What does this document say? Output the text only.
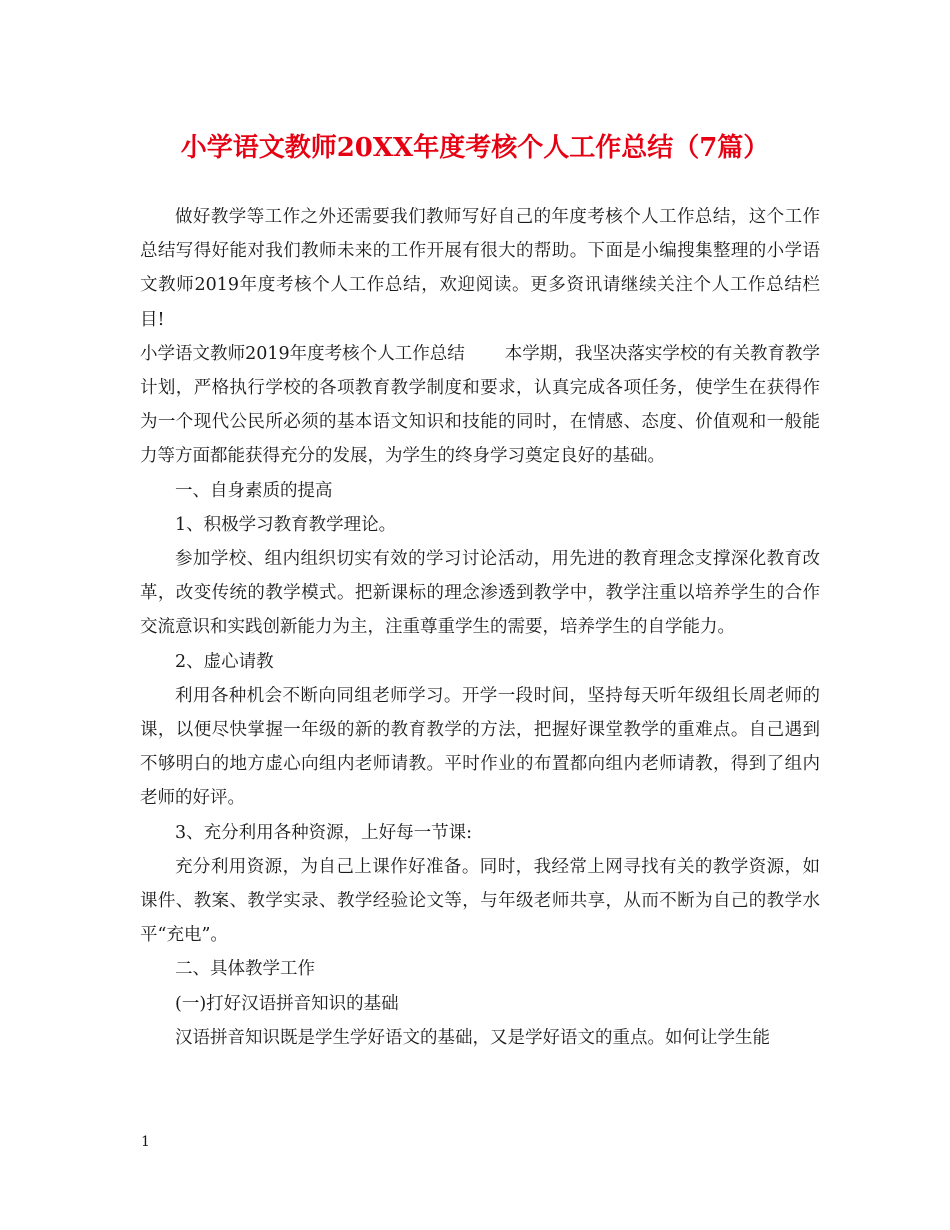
小学语文教师20XX年度考核个人工作总结（7篇）

做好教学等工作之外还需要我们教师写好自己的年度考核个人工作总结，这个工作总结写得好能对我们教师未来的工作开展有很大的帮助。下面是小编搜集整理的小学语文教师2019年度考核个人工作总结，欢迎阅读。更多资讯请继续关注个人工作总结栏目!

小学语文教师2019年度考核个人工作总结 本学期，我坚决落实学校的有关教育教学计划，严格执行学校的各项教育教学制度和要求，认真完成各项任务，使学生在获得作为一个现代公民所必须的基本语文知识和技能的同时，在情感、态度、价值观和一般能力等方面都能获得充分的发展，为学生的终身学习奠定良好的基础。

一、自身素质的提高

1、积极学习教育教学理论。

参加学校、组内组织切实有效的学习讨论活动，用先进的教育理念支撑深化教育改革，改变传统的教学模式。把新课标的理念渗透到教学中，教学注重以培养学生的合作交流意识和实践创新能力为主，注重尊重学生的需要，培养学生的自学能力。

2、虚心请教

利用各种机会不断向同组老师学习。开学一段时间，坚持每天听年级组长周老师的课，以便尽快掌握一年级的新的教育教学的方法，把握好课堂教学的重难点。自己遇到不够明白的地方虚心向组内老师请教。平时作业的布置都向组内老师请教，得到了组内老师的好评。

3、充分利用各种资源，上好每一节课:

充分利用资源，为自己上课作好准备。同时，我经常上网寻找有关的教学资源，如课件、教案、教学实录、教学经验论文等，与年级老师共享，从而不断为自己的教学水平“充电”。

二、具体教学工作

(一)打好汉语拼音知识的基础

汉语拼音知识既是学生学好语文的基础，又是学好语文的重点。如何让学生能

1
